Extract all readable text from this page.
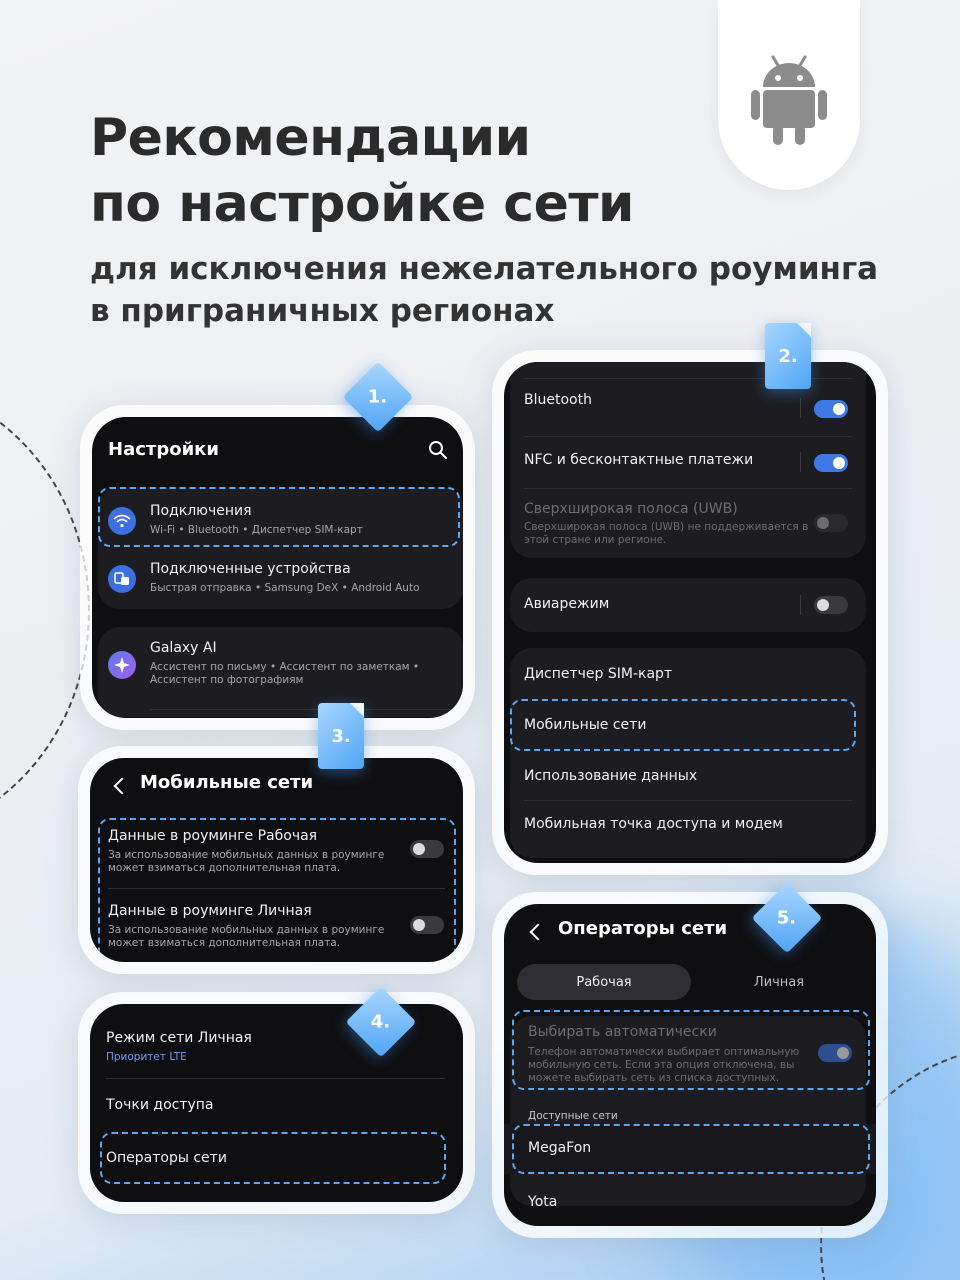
Рекомендации
по настройке сети
для исключения нежелательного роуминга
в приграничных регионах
Настройки
Подключения
Wi-Fi • Bluetooth • Диспетчер SIM-карт
Подключенные устройства
Быстрая отправка • Samsung DeX • Android Auto
Galaxy AI
Ассистент по письму • Ассистент по заметкам •
Ассистент по фотографиям
1.	Bluetooth
NFC и бесконтактные платежи
Сверхширокая полоса (UWB)
Сверхширокая полоса (UWB) не поддерживается в
этой стране или регионе.
Авиарежим
Диспетчер SIM-карт
Мобильные сети
Использование данных
Мобильная точка доступа и модем
2.
Мобильные сети
Данные в роуминге Рабочая
За использование мобильных данных в роуминге
может взиматься дополнительная плата.
Данные в роуминге Личная
За использование мобильных данных в роуминге
может взиматься дополнительная плата.
3.
Режим сети Личная
Приоритет LTE
Точки доступа
Операторы сети
4.
Операторы сети
Рабочая	Личная
Выбирать автоматически
Телефон автоматически выбирает оптимальную
мобильную сеть. Если эта опция отключена, вы
можете выбирать сеть из списка доступных.
Доступные сети
MegaFon
Yota
5.
